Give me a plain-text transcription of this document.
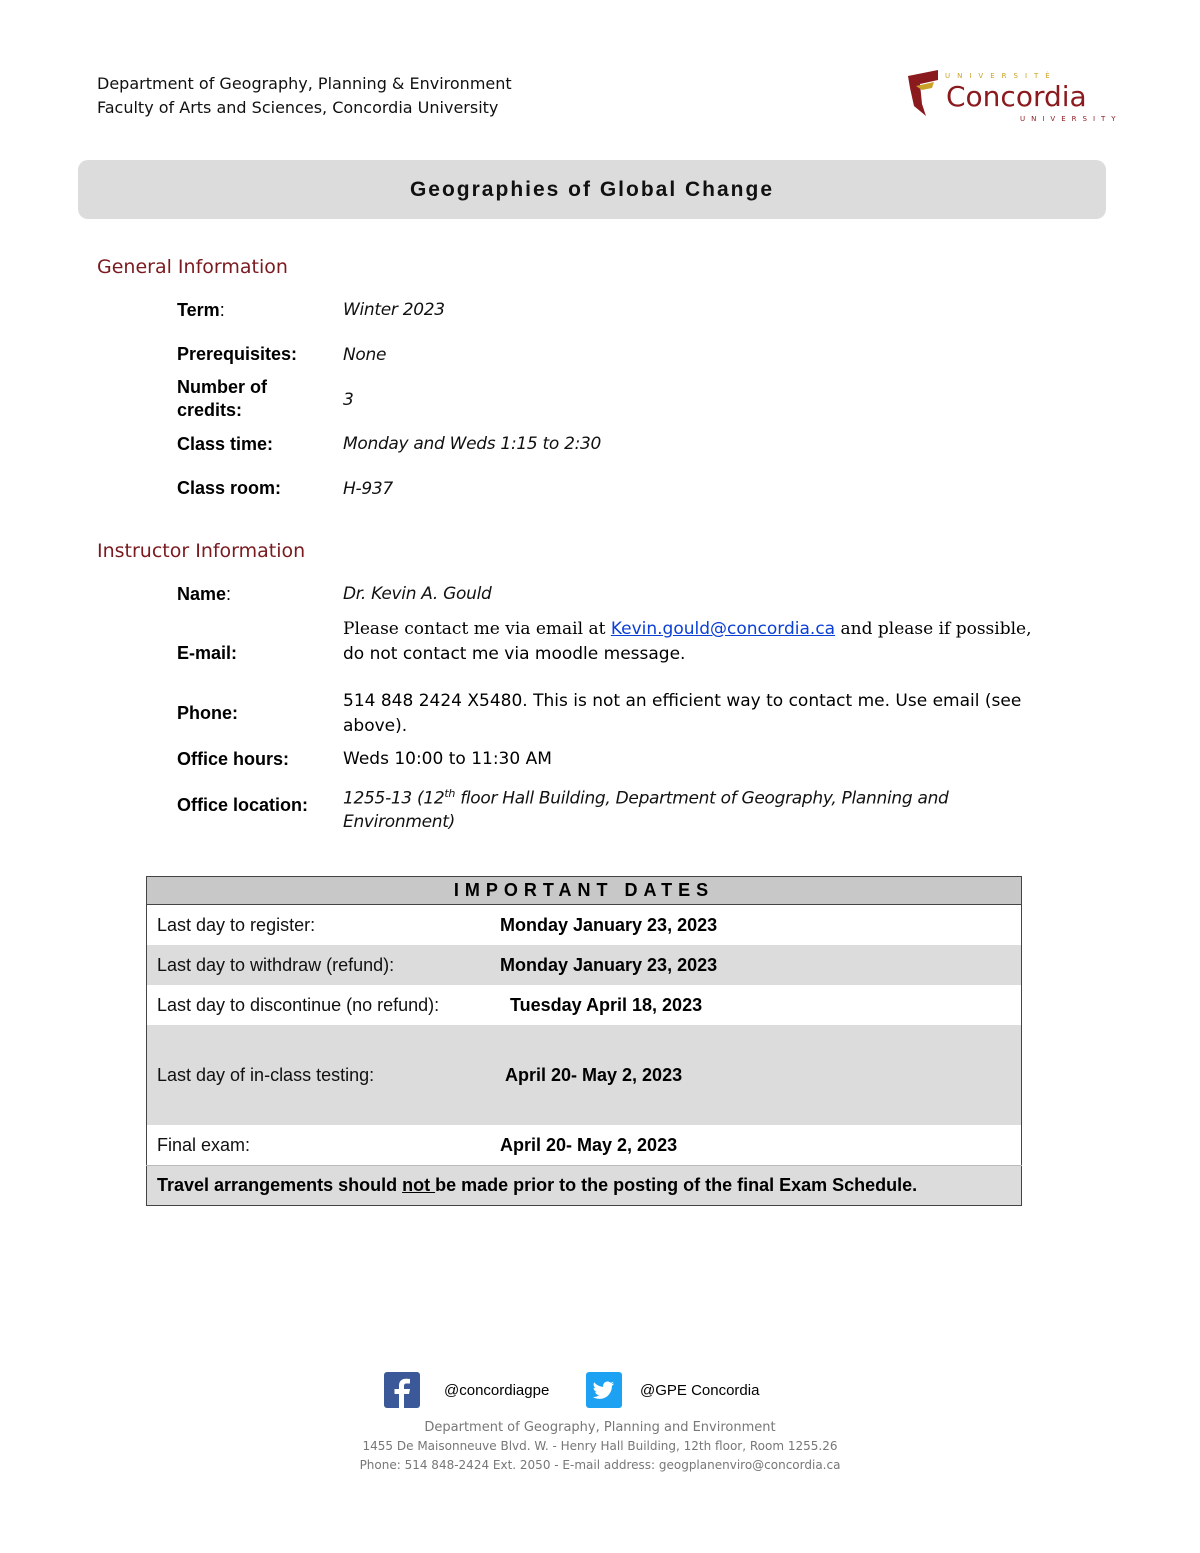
Department of Geography, Planning & Environment
Faculty of Arts and Sciences, Concordia University
UNIVERSITÉ
Concordia
UNIVERSITY
Geographies of Global Change
General Information
Term:	Winter 2023
Prerequisites:	None
Number of
credits:	3
Class time:	Monday and Weds 1:15 to 2:30
Class room:	H-937
Instructor Information
Name:	Dr. Kevin A. Gould
E-mail:
Please contact me via email at Kevin.gould@concordia.ca and please if possible,
do not contact me via moodle message.
Phone:
514 848 2424 X5480. This is not an efficient way to contact me. Use email (see
above).
Office hours:	Weds 10:00 to 11:30 AM
Office location: 1255-13 (12th floor Hall Building, Department of Geography, Planning and
Environment)
IMPORTANT DATES	
Last day to register:	Monday January 23, 2023
Last day to withdraw (refund):	Monday January 23, 2023
Last day to discontinue (no refund):	Tuesday April 18, 2023
Last day of in-class testing:	April 20- May 2, 2023
Final exam:	April 20- May 2, 2023
Travel arrangements should not be made prior to the posting of the final Exam Schedule.	
@concordiagpe	@GPE Concordia
Department of Geography, Planning and Environment
1455 De Maisonneuve Blvd. W. - Henry Hall Building, 12th floor, Room 1255.26
Phone: 514 848-2424 Ext. 2050 - E-mail address: geogplanenviro@concordia.ca
